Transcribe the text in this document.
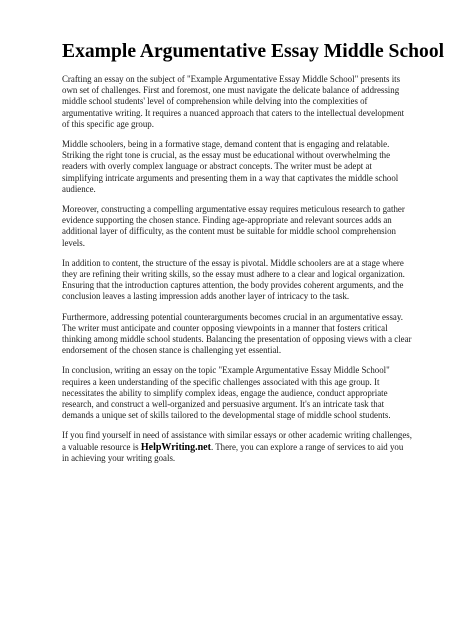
Example Argumentative Essay Middle School

Crafting an essay on the subject of "Example Argumentative Essay Middle School" presents its own set of challenges. First and foremost, one must navigate the delicate balance of addressing middle school students' level of comprehension while delving into the complexities of argumentative writing. It requires a nuanced approach that caters to the intellectual development of this specific age group.

Middle schoolers, being in a formative stage, demand content that is engaging and relatable. Striking the right tone is crucial, as the essay must be educational without overwhelming the readers with overly complex language or abstract concepts. The writer must be adept at simplifying intricate arguments and presenting them in a way that captivates the middle school audience.

Moreover, constructing a compelling argumentative essay requires meticulous research to gather evidence supporting the chosen stance. Finding age-appropriate and relevant sources adds an additional layer of difficulty, as the content must be suitable for middle school comprehension levels.

In addition to content, the structure of the essay is pivotal. Middle schoolers are at a stage where they are refining their writing skills, so the essay must adhere to a clear and logical organization. Ensuring that the introduction captures attention, the body provides coherent arguments, and the conclusion leaves a lasting impression adds another layer of intricacy to the task.

Furthermore, addressing potential counterarguments becomes crucial in an argumentative essay. The writer must anticipate and counter opposing viewpoints in a manner that fosters critical thinking among middle school students. Balancing the presentation of opposing views with a clear endorsement of the chosen stance is challenging yet essential.

In conclusion, writing an essay on the topic "Example Argumentative Essay Middle School" requires a keen understanding of the specific challenges associated with this age group. It necessitates the ability to simplify complex ideas, engage the audience, conduct appropriate research, and construct a well-organized and persuasive argument. It's an intricate task that demands a unique set of skills tailored to the developmental stage of middle school students.

If you find yourself in need of assistance with similar essays or other academic writing challenges, a valuable resource is HelpWriting.net. There, you can explore a range of services to aid you in achieving your writing goals.
